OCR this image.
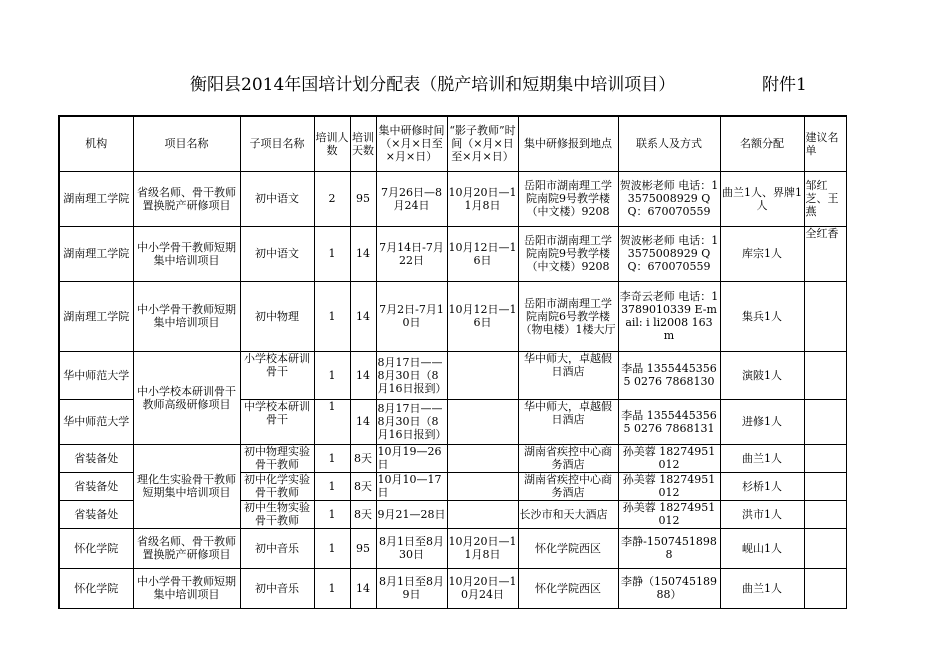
衡阳县2014年国培计划分配表（脱产培训和短期集中培训项目）	附件1
机构	项目名称	子项目名称	培训人数	培训天数	集中研修时间（×月×日至×月×日）	“影子教师”时间（×月×日至×月×日）	集中研修报到地点	联系人及方式	名额分配	建议名单
湖南理工学院	省级名师、骨干教师置换脱产研修项目	初中语文	2	95	7月26日—8月24日	10月20日—11月8日	岳阳市湖南理工学院南院9号教学楼（中文楼）9208	贺波彬老师 电话：13575008929 QQ：670070559	曲兰1人、界牌1人	邹红芝、王燕
湖南理工学院	中小学骨干教师短期集中培训项目	初中语文	1	14	7月14日-7月22日	10月12日—16日	岳阳市湖南理工学院南院9号教学楼（中文楼）9208	贺波彬老师 电话：13575008929 QQ：670070559	库宗1人	全红香
湖南理工学院	中小学骨干教师短期集中培训项目	初中物理	1	14	7月2日-7月10日	10月12日—16日	岳阳市湖南理工学院南院6号教学楼（物电楼）1楼大厅	李奇云老师 电话：13789010339 E-mail: i li2008 163 m	集兵1人	
华中师范大学	中小学校本研训骨干教师高级研修项目	小学校本研训骨干	1	14	8月17日——8月30日（8月16日报到）		华中师大，卓越假日酒店	李晶 13554453565 0276 7868130	演陂1人	
华中师范大学		中学校本研训骨干	1	14	8月17日——8月30日（8月16日报到）		华中师大，卓越假日酒店	李晶 13554453565 0276 7868131	进修1人	
省装备处	理化生实验骨干教师短期集中培训项目	初中物理实验骨干教师	1	8天	10月19—26日		湖南省疾控中心商务酒店	孙美蓉 18274951012	曲兰1人	
省装备处		初中化学实验骨干教师	1	8天	10月10—17日		湖南省疾控中心商务酒店	孙美蓉 18274951012	杉桥1人	
省装备处		初中生物实验骨干教师	1	8天	9月21—28日		长沙市和天大酒店	孙美蓉 18274951012	洪市1人	
怀化学院	省级名师、骨干教师置换脱产研修项目	初中音乐	1	95	8月1日至8月30日	10月20日—11月8日	怀化学院西区	李静-15074518988	岘山1人	
怀化学院	中小学骨干教师短期集中培训项目	初中音乐	1	14	8月1日至8月9日	10月20日—10月24日	怀化学院西区	李静（15074518988）	曲兰1人	
